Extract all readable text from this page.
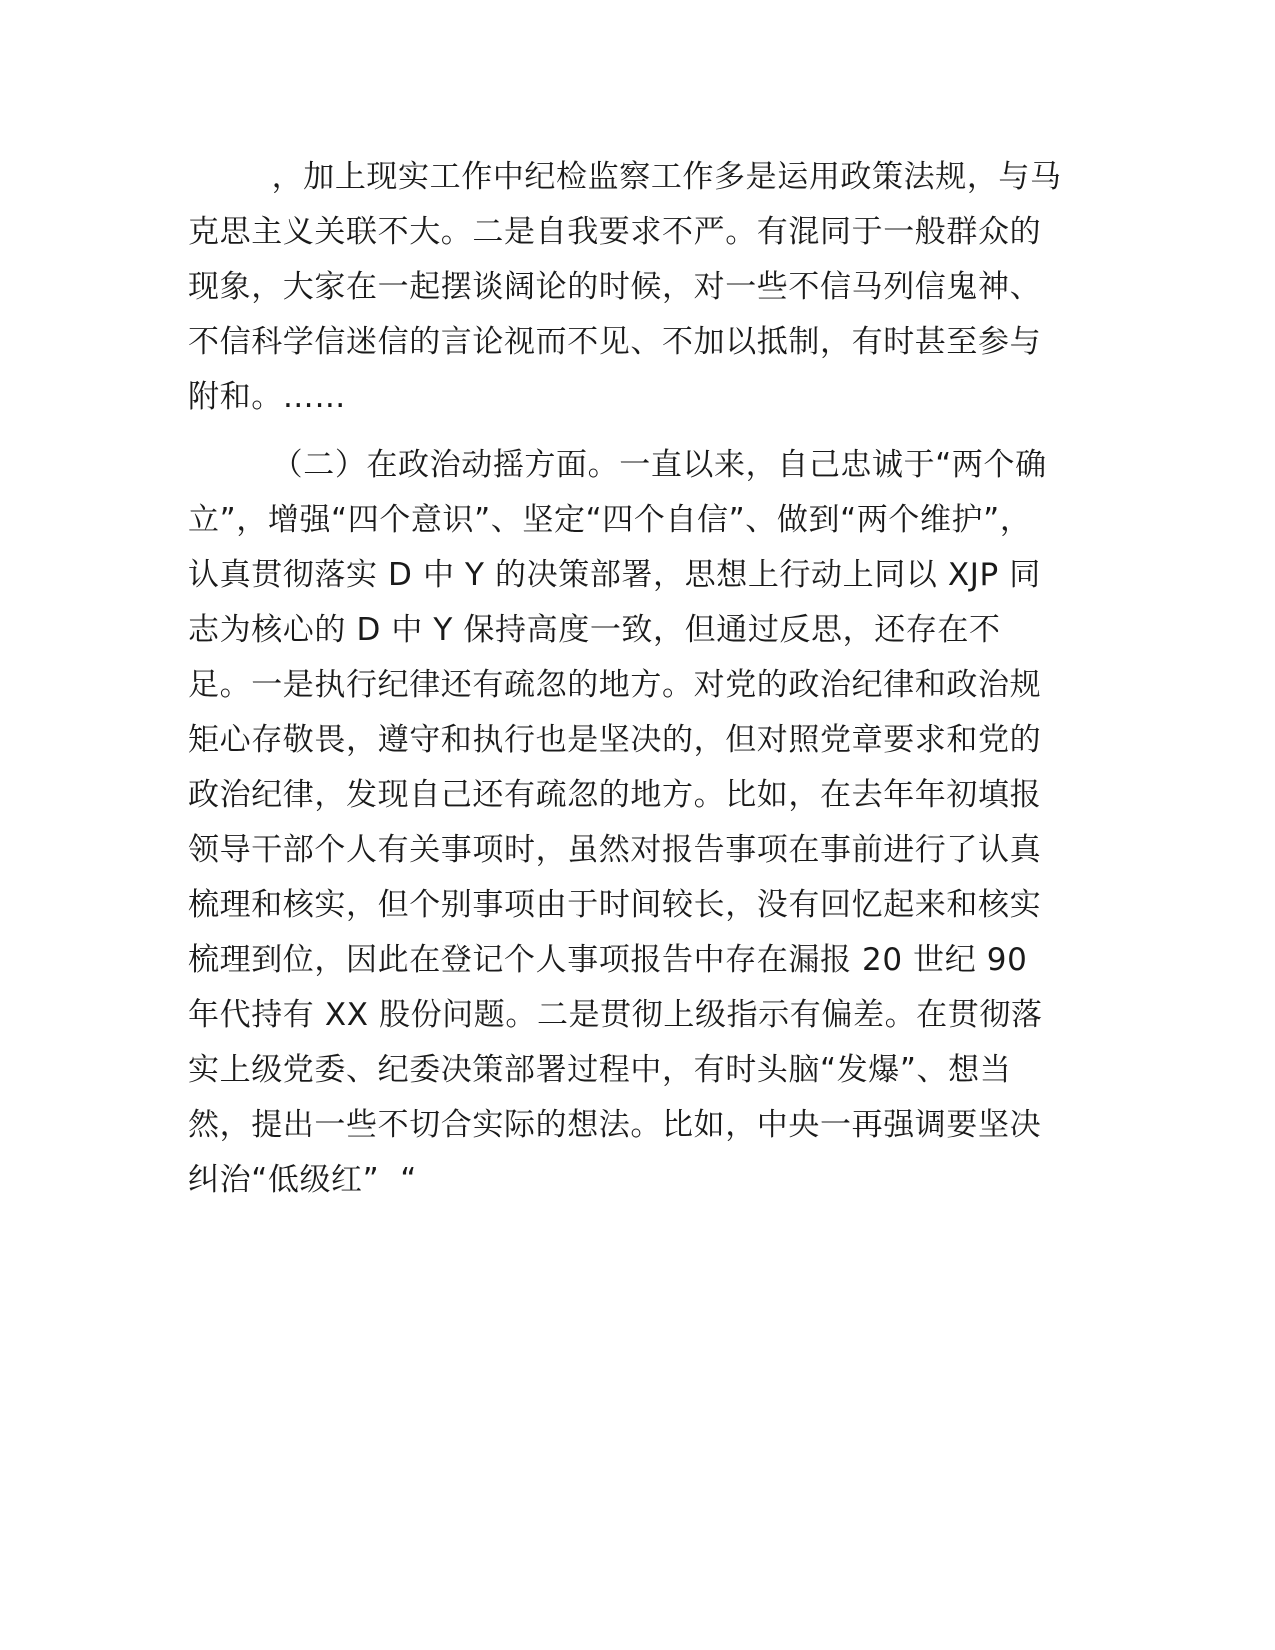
，加上现实工作中纪检监察工作多是运用政策法规，与马
克思主义关联不大。二是自我要求不严。有混同于一般群众的
现象，大家在一起摆谈阔论的时候，对一些不信马列信鬼神、
不信科学信迷信的言论视而不见、不加以抵制，有时甚至参与
附和。……
（二）在政治动摇方面。一直以来，自己忠诚于“两个确
立”，增强“四个意识”、坚定“四个自信”、做到“两个维护”，
认真贯彻落实 D 中 Y 的决策部署，思想上行动上同以 XJP 同
志为核心的 D 中 Y 保持高度一致，但通过反思，还存在不
足。一是执行纪律还有疏忽的地方。对党的政治纪律和政治规
矩心存敬畏，遵守和执行也是坚决的，但对照党章要求和党的
政治纪律，发现自己还有疏忽的地方。比如，在去年年初填报
领导干部个人有关事项时，虽然对报告事项在事前进行了认真
梳理和核实，但个别事项由于时间较长，没有回忆起来和核实
梳理到位，因此在登记个人事项报告中存在漏报 20 世纪 90
年代持有 XX 股份问题。二是贯彻上级指示有偏差。在贯彻落
实上级党委、纪委决策部署过程中，有时头脑“发爆”、想当
然，提出一些不切合实际的想法。比如，中央一再强调要坚决
纠治“低级红”  “
